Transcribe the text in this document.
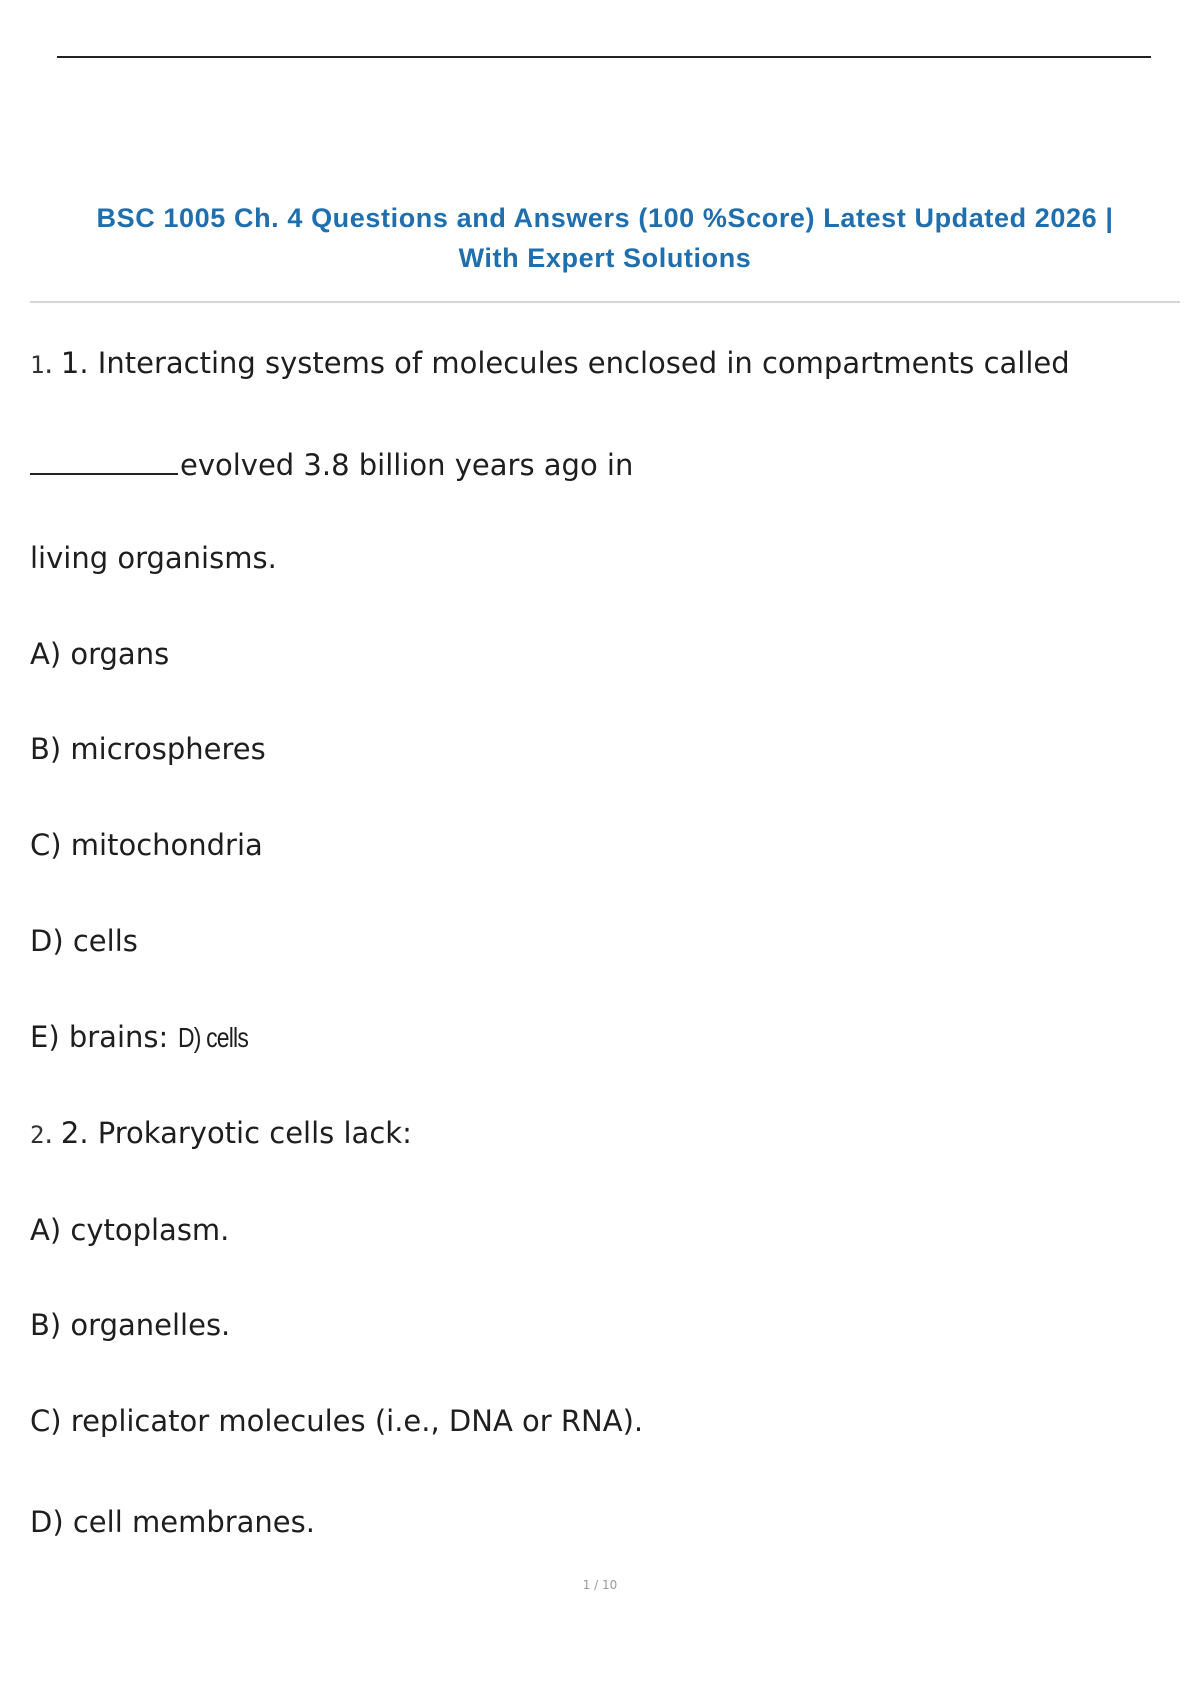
BSC 1005 Ch. 4 Questions and Answers (100 %Score) Latest Updated 2026 |
With Expert Solutions
1. 1. Interacting systems of molecules enclosed in compartments called
evolved 3.8 billion years ago in
living organisms.
A) organs
B) microspheres
C) mitochondria
D) cells
E) brains: D) cells
2. 2. Prokaryotic cells lack:
A) cytoplasm.
B) organelles.
C) replicator molecules (i.e., DNA or RNA).
D) cell membranes.
1 / 10
